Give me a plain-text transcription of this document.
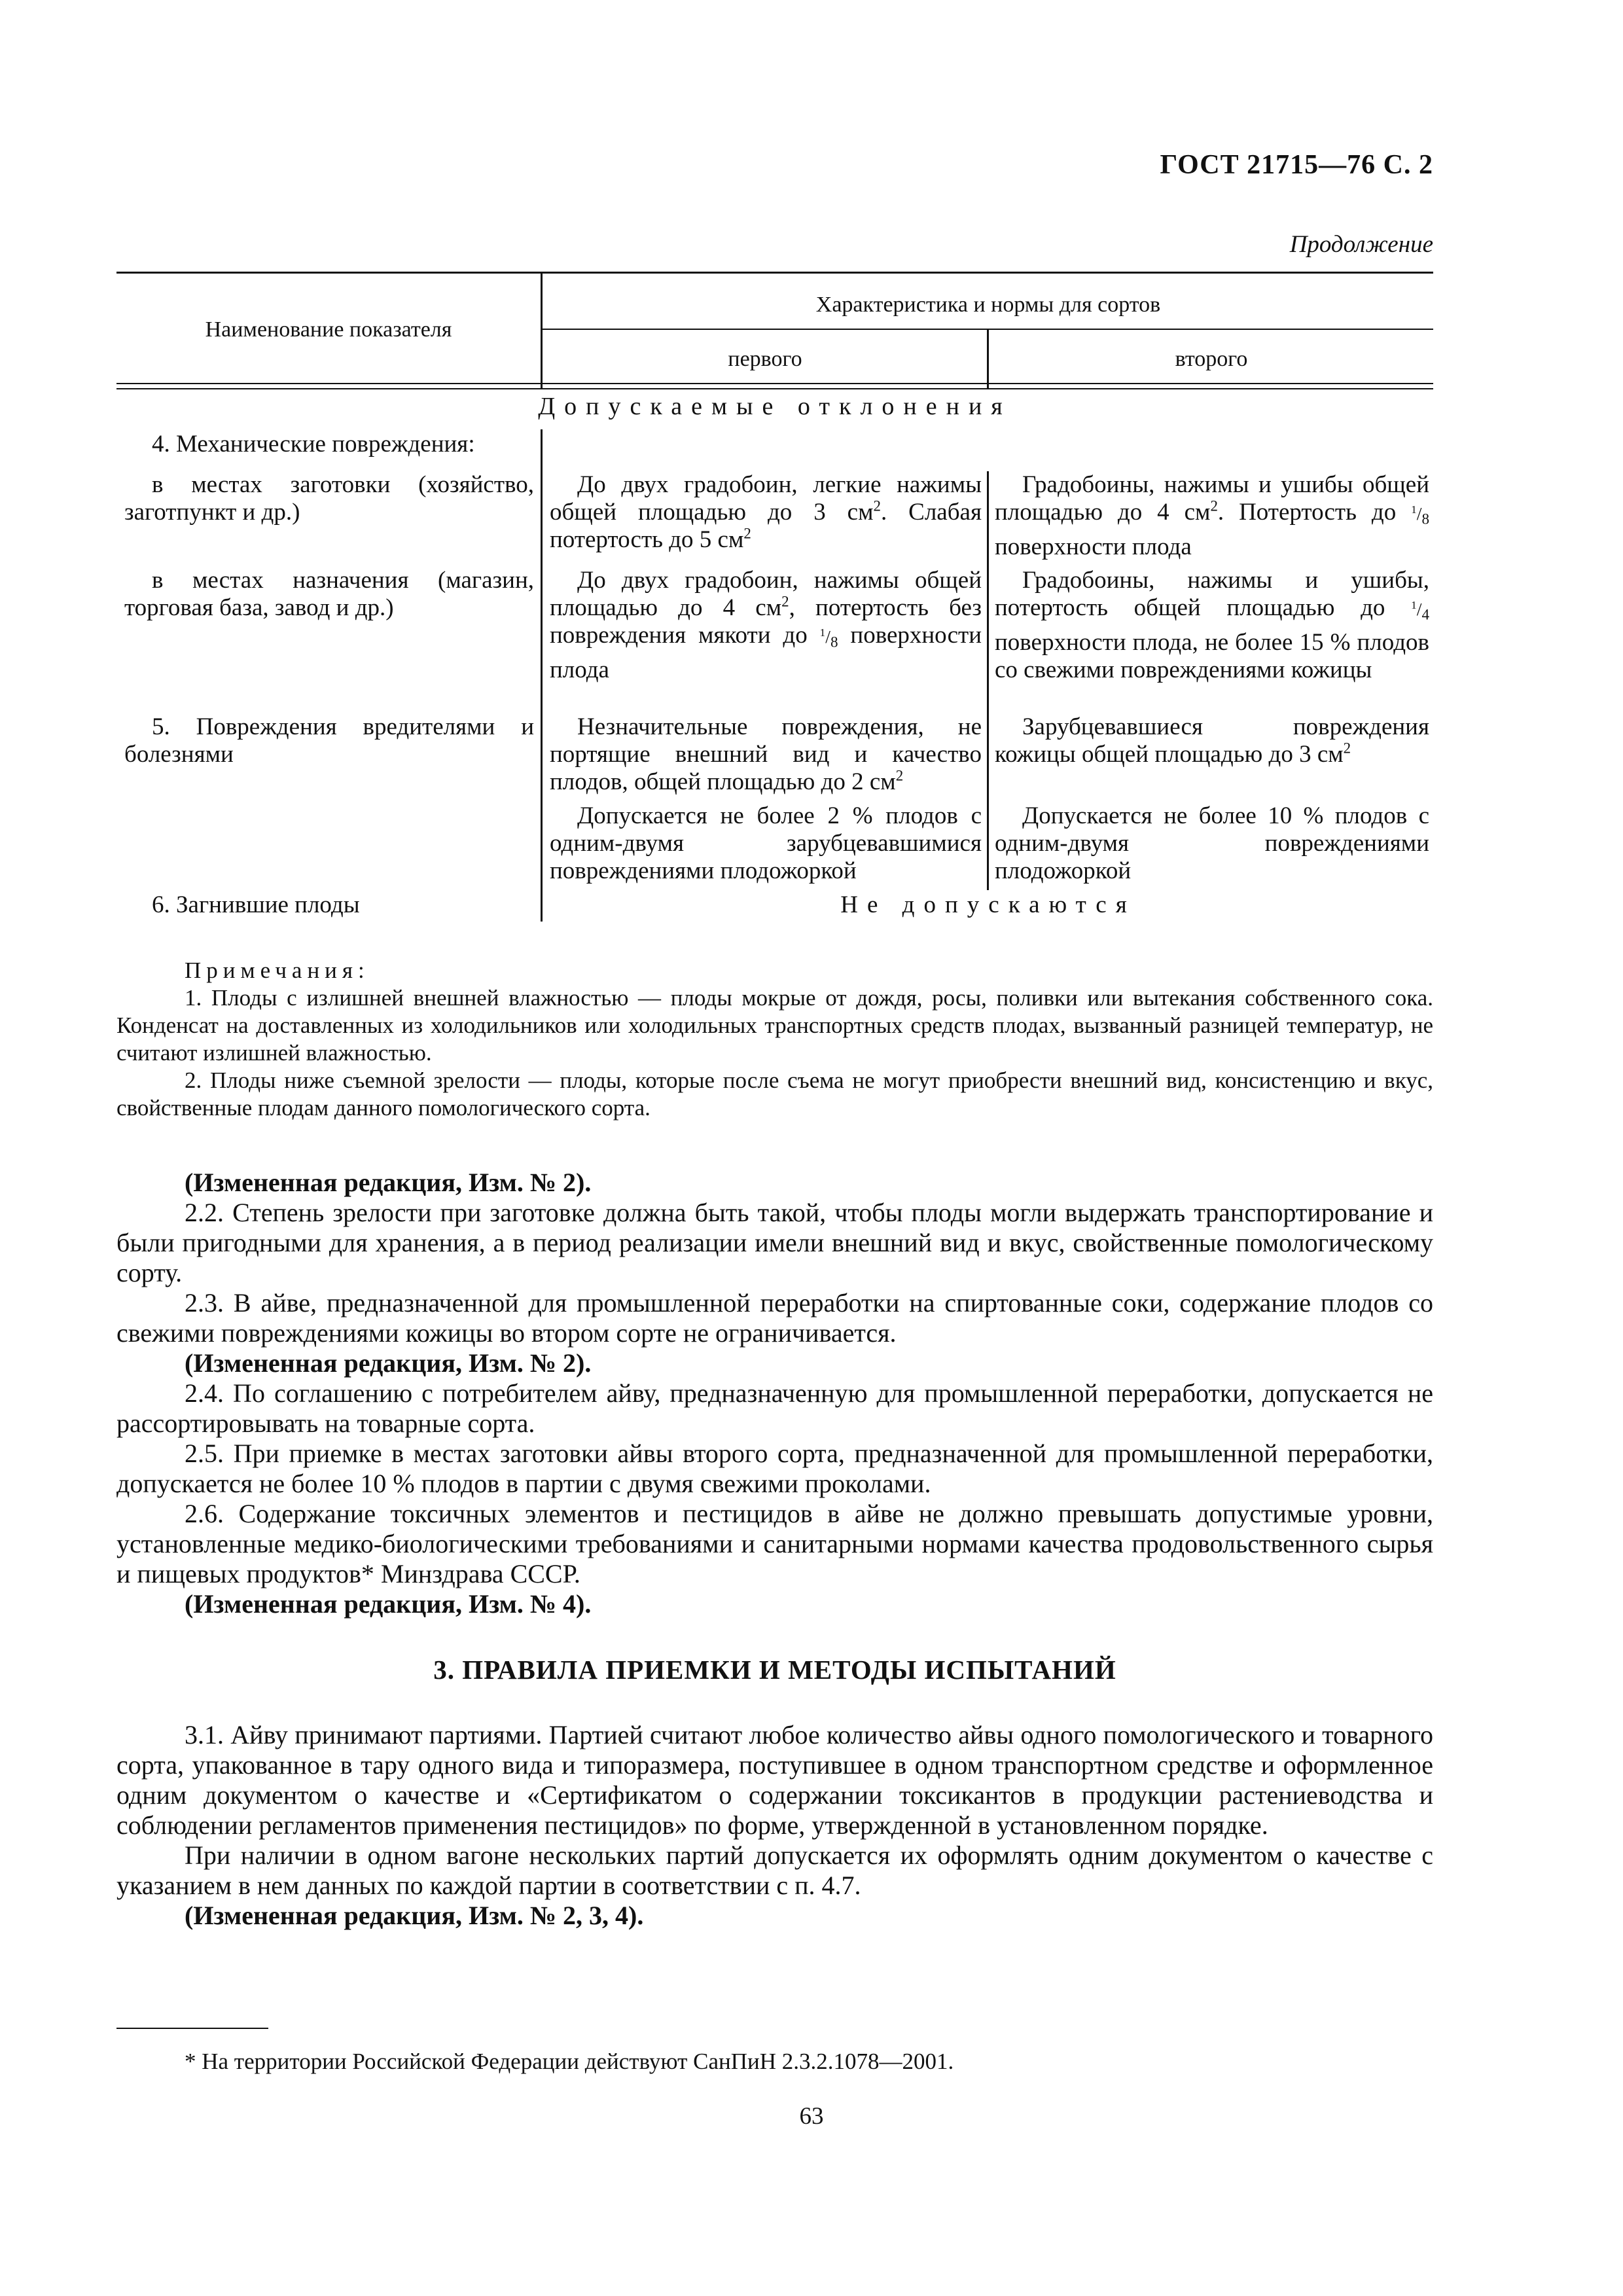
ГОСТ 21715—76 С. 2
Продолжение
Наименование показателя
Характеристика и нормы для сортов
первого	второго
Допускаемые отклонения
4. Механические повреждения:
в местах заготовки (хозяйство, заготпункт и др.)
До двух градобоин, легкие нажимы общей площадью до 3 $см^2$. Слабая потертость до 5 $см^2$
Градобоины, нажимы и ушибы общей площадью до 4 $см^2$. Потертость до $^1/_8$ поверхности плода
в местах назначения (магазин, торговая база, завод и др.)
До двух градобоин, нажимы общей площадью до 4 $см^2$, потертость без повреждения мякоти до $^1/_8$ поверхности плода
Градобоины, нажимы и ушибы, потертость общей площадью до $^1/_4$ поверхности плода, не более 15 % плодов со свежими повреждениями кожицы
5. Повреждения вредителями и болезнями
Незначительные повреждения, не портящие внешний вид и качество плодов, общей площадью до 2 $см^2$
Зарубцевавшиеся повреждения кожицы общей площадью до 3 $см^2$
Допускается не более 2 % плодов с одним-двумя зарубцевавшимися повреждениями плодожоркой
Допускается не более 10 % плодов с одним-двумя повреждениями плодожоркой
6. Загнившие плоды	Не допускаются
Примечания:
1. Плоды с излишней внешней влажностью — плоды мокрые от дождя, росы, поливки или вытекания собственного сока. Конденсат на доставленных из холодильников или холодильных транспортных средств плодах, вызванный разницей температур, не считают излишней влажностью.
2. Плоды ниже съемной зрелости — плоды, которые после съема не могут приобрести внешний вид, консистенцию и вкус, свойственные плодам данного помологического сорта.
(Измененная редакция, Изм. № 2).
2.2. Степень зрелости при заготовке должна быть такой, чтобы плоды могли выдержать транспортирование и были пригодными для хранения, а в период реализации имели внешний вид и вкус, свойственные помологическому сорту.
2.3. В айве, предназначенной для промышленной переработки на спиртованные соки, содержание плодов со свежими повреждениями кожицы во втором сорте не ограничивается.
(Измененная редакция, Изм. № 2).
2.4. По соглашению с потребителем айву, предназначенную для промышленной переработки, допускается не рассортировывать на товарные сорта.
2.5. При приемке в местах заготовки айвы второго сорта, предназначенной для промышленной переработки, допускается не более 10 % плодов в партии с двумя свежими проколами.
2.6. Содержание токсичных элементов и пестицидов в айве не должно превышать допустимые уровни, установленные медико-биологическими требованиями и санитарными нормами качества продовольственного сырья и пищевых продуктов* Минздрава СССР.
(Измененная редакция, Изм. № 4).
3. ПРАВИЛА ПРИЕМКИ И МЕТОДЫ ИСПЫТАНИЙ
3.1. Айву принимают партиями. Партией считают любое количество айвы одного помологического и товарного сорта, упакованное в тару одного вида и типоразмера, поступившее в одном транспортном средстве и оформленное одним документом о качестве и «Сертификатом о содержании токсикантов в продукции растениеводства и соблюдении регламентов применения пестицидов» по форме, утвержденной в установленном порядке.
При наличии в одном вагоне нескольких партий допускается их оформлять одним документом о качестве с указанием в нем данных по каждой партии в соответствии с п. 4.7.
(Измененная редакция, Изм. № 2, 3, 4).
* На территории Российской Федерации действуют СанПиН 2.3.2.1078—2001.
63
